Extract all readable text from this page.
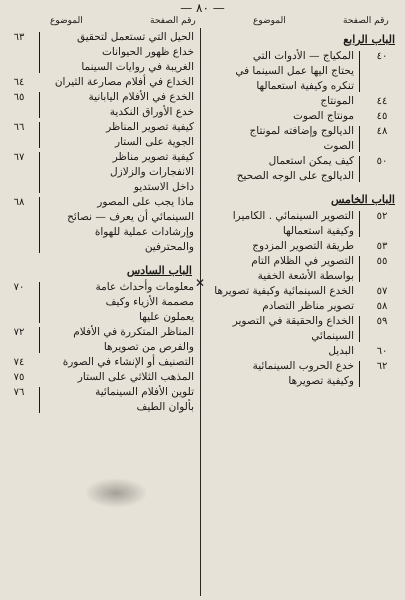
— ٨٠ —
رقم الصفحة
الموضوع
رقم الصفحة
الموضوع
الباب الرابع
٤٠
المكياج — الأدوات التي
يحتاج اليها عمل السينما في
تنكره وكيفية استعمالها
٤٤
المونتاج
٤٥
مونتاج الصوت
٤٨
الديالوج وإضافته لمونتاج
الصوت
٥٠
كيف يمكن استعمال
الديالوج على الوجه الصحيح
الباب الخامس
٥٢
التصوير السينمائي . الكاميرا
وكيفية استعمالها
٥٣
طريقة التصوير المزدوج
٥٥
التصوير في الظلام التام
بواسطة الأشعة الخفية
٥٧
الخدع السينمائية وكيفية تصويرها
٥٨
تصوير مناظر التصادم
٥٩
الخداع والحقيقة في التصوير
السينمائي
٦٠
البديل
٦٢
خدع الحروب السينمائية
وكيفية تصويرها
٦٣	الحيل التي تستعمل لتحقيق
خداع ظهور الحيوانات
الغريبة في روايات السينما
٦٤	الخداع في أفلام مصارعة الثيران
٦٥	الخدع في الأفلام اليابانية
خدع الأوراق النكدية
٦٦	كيفية تصوير المناظر
الجوية على الستار
٦٧	كيفية تصوير مناظر
الانفجارات والزلازل
داخل الاستديو
٦٨	ماذا يجب على المصور
السينمائي أن يعرف — نصائح
وإرشادات عملية للهواة
والمحترفين
الباب السادس
٧٠	معلومات وأحداث عامة
مصممة الأزياء وكيف
يعملون عليها
٧٢	المناظر المتكررة في الأفلام
والفرص من تصويرها
٧٤	التصنيف أو الإنشاء في الصورة
٧٥	المذهب الثلاثي على الستار
٧٦	تلوين الأفلام السينمائية
بألوان الطيف
✕
